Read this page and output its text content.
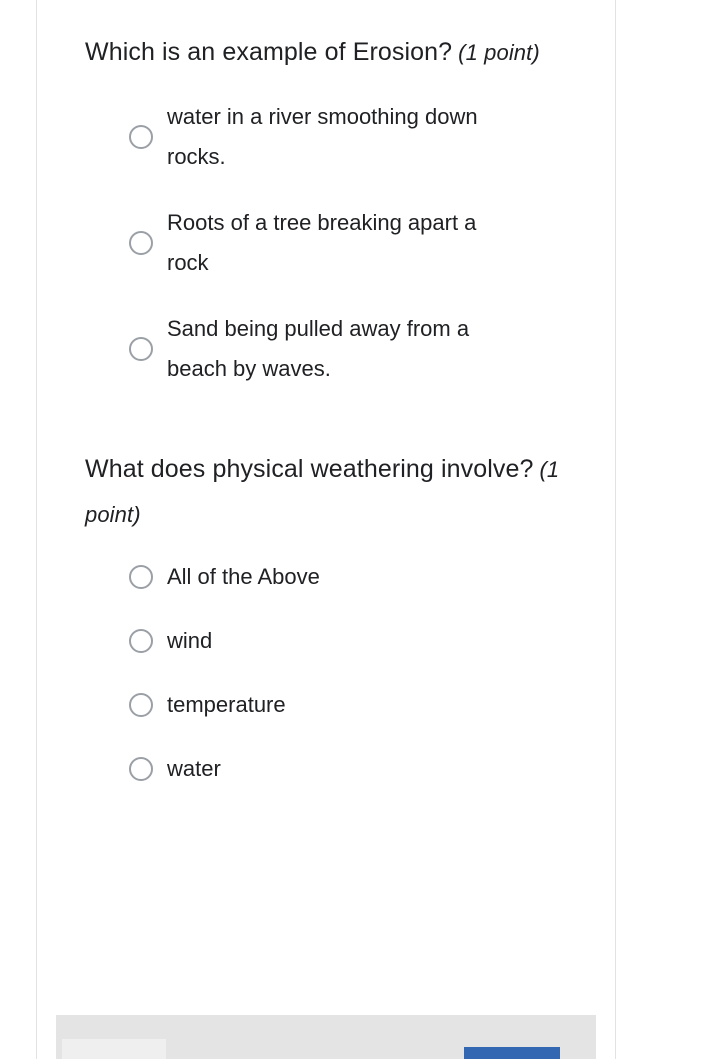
Which is an example of Erosion? (1 point)
water in a river smoothing down rocks.
Roots of a tree breaking apart a rock
Sand being pulled away from a beach by waves.
What does physical weathering involve? (1 point)
All of the Above
wind
temperature
water
